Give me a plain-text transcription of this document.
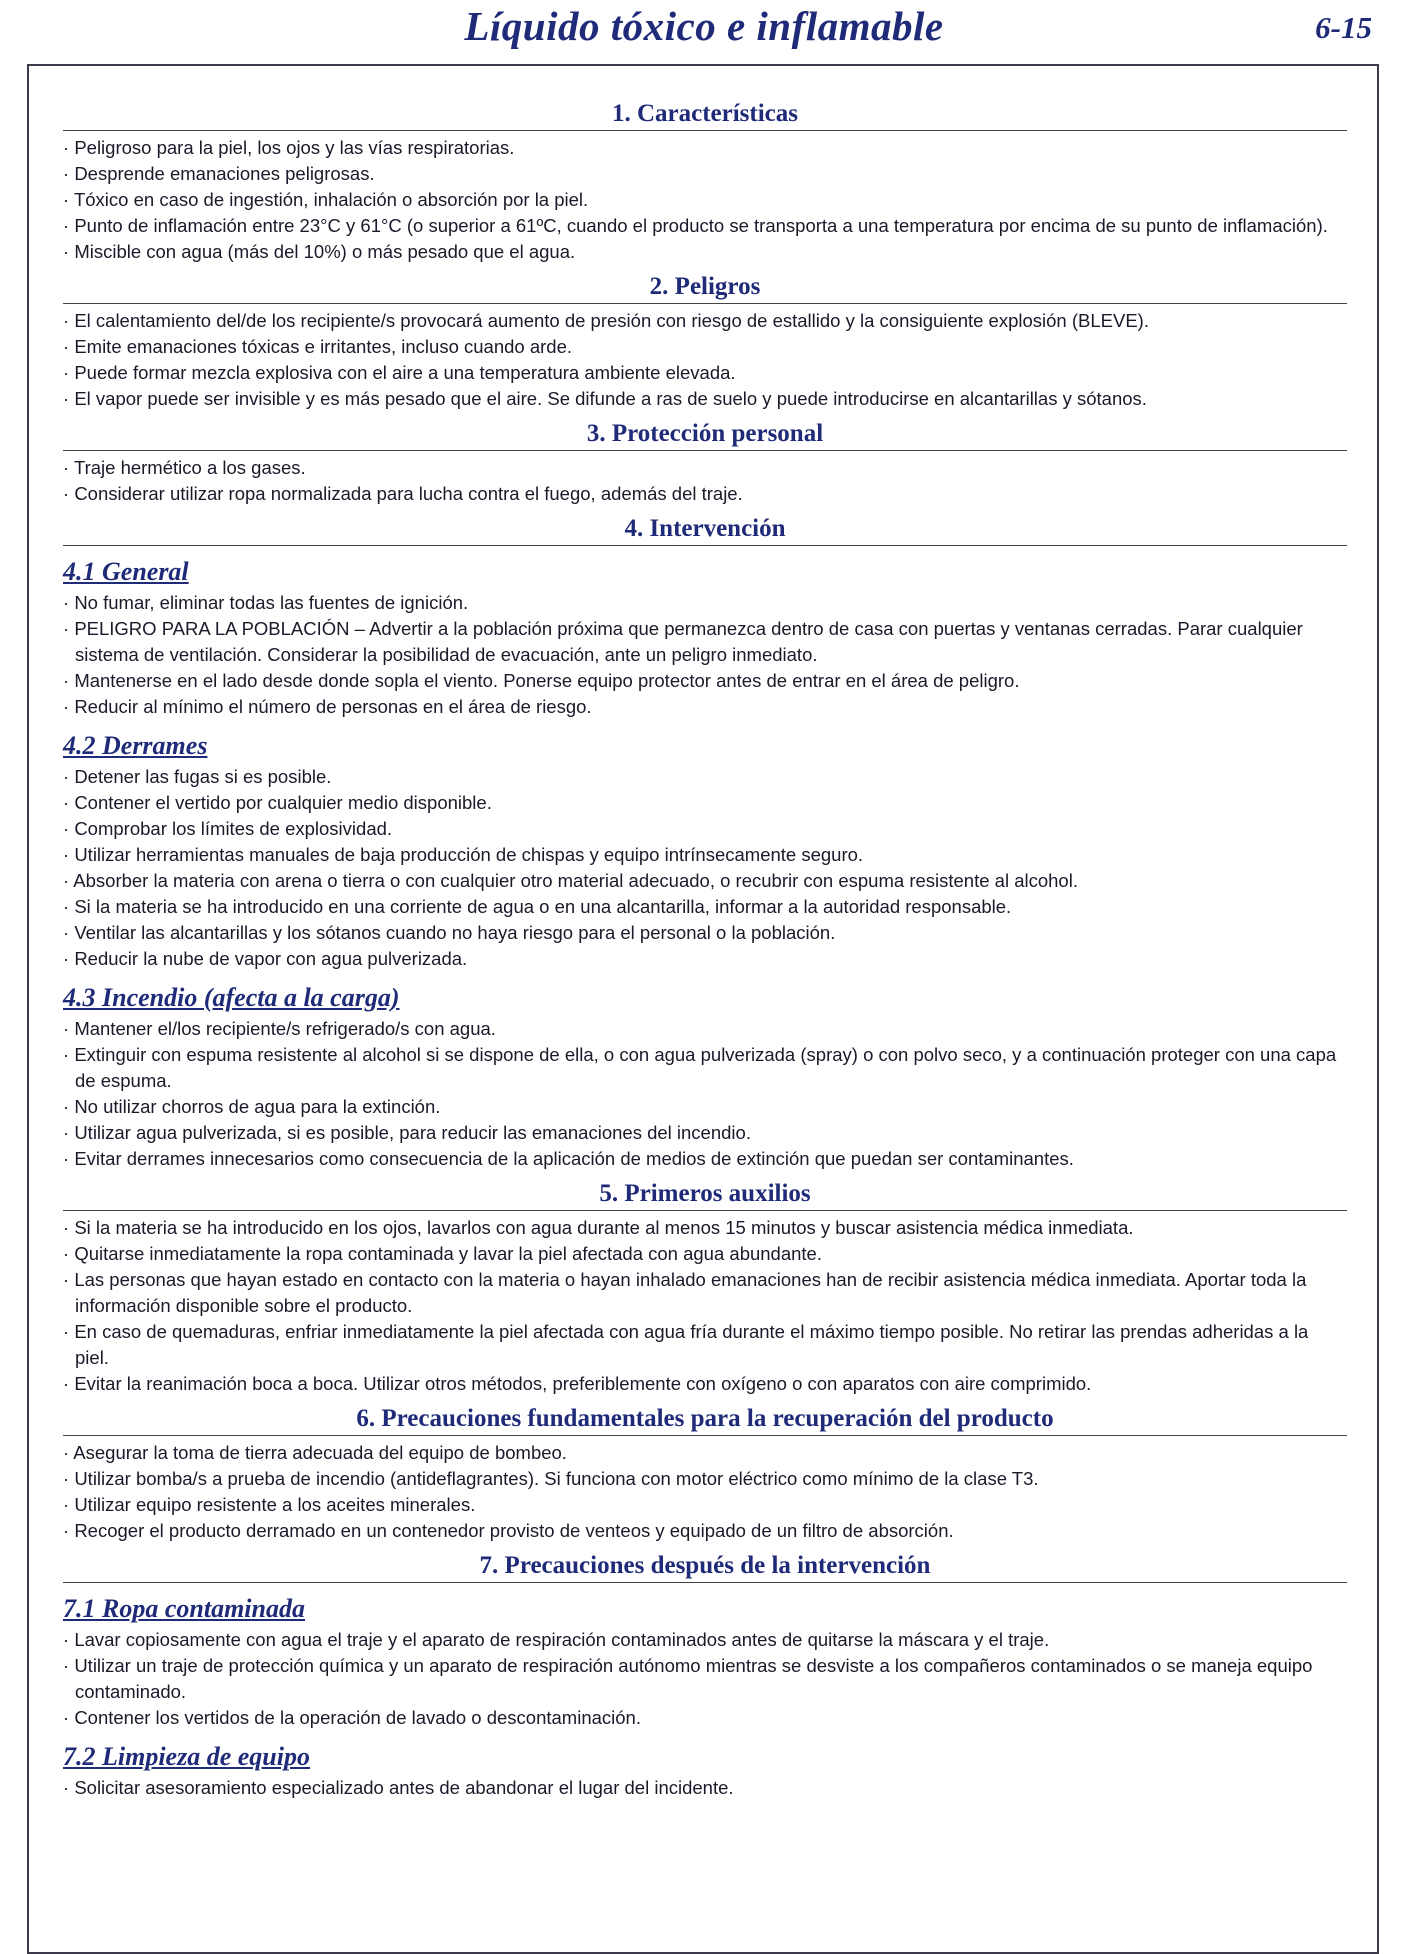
Líquido tóxico e inflamable	6-15
1. Características
· Peligroso para la piel, los ojos y las vías respiratorias.
· Desprende emanaciones peligrosas.
· Tóxico en caso de ingestión, inhalación o absorción por la piel.
· Punto de inflamación entre 23°C y 61°C (o superior a 61ºC, cuando el producto se transporta a una temperatura por encima de su punto de inflamación).
· Miscible con agua (más del 10%) o más pesado que el agua.
2. Peligros
· El calentamiento del/de los recipiente/s provocará aumento de presión con riesgo de estallido y la consiguiente explosión (BLEVE).
· Emite emanaciones tóxicas e irritantes, incluso cuando arde.
· Puede formar mezcla explosiva con el aire a una temperatura ambiente elevada.
· El vapor puede ser invisible y es más pesado que el aire. Se difunde a ras de suelo y puede introducirse en alcantarillas y sótanos.
3. Protección personal
· Traje hermético a los gases.
· Considerar utilizar ropa normalizada para lucha contra el fuego, además del traje.
4. Intervención
4.1 General
· No fumar, eliminar todas las fuentes de ignición.
· PELIGRO PARA LA POBLACIÓN – Advertir a la población próxima que permanezca dentro de casa con puertas y ventanas cerradas. Parar cualquier sistema de ventilación. Considerar la posibilidad de evacuación, ante un peligro inmediato.
· Mantenerse en el lado desde donde sopla el viento. Ponerse equipo protector antes de entrar en el área de peligro.
· Reducir al mínimo el número de personas en el área de riesgo.
4.2 Derrames
· Detener las fugas si es posible.
· Contener el vertido por cualquier medio disponible.
· Comprobar los límites de explosividad.
· Utilizar herramientas manuales de baja producción de chispas y equipo intrínsecamente seguro.
· Absorber la materia con arena o tierra o con cualquier otro material adecuado, o recubrir con espuma resistente al alcohol.
· Si la materia se ha introducido en una corriente de agua o en una alcantarilla, informar a la autoridad responsable.
· Ventilar las alcantarillas y los sótanos cuando no haya riesgo para el personal o la población.
· Reducir la nube de vapor con agua pulverizada.
4.3 Incendio (afecta a la carga)
· Mantener el/los recipiente/s refrigerado/s con agua.
· Extinguir con espuma resistente al alcohol si se dispone de ella, o con agua pulverizada (spray) o con polvo seco, y a continuación proteger con una capa de espuma.
· No utilizar chorros de agua para la extinción.
· Utilizar agua pulverizada, si es posible, para reducir las emanaciones del incendio.
· Evitar derrames innecesarios como consecuencia de la aplicación de medios de extinción que puedan ser contaminantes.
5. Primeros auxilios
· Si la materia se ha introducido en los ojos, lavarlos con agua durante al menos 15 minutos y buscar asistencia médica inmediata.
· Quitarse inmediatamente la ropa contaminada y lavar la piel afectada con agua abundante.
· Las personas que hayan estado en contacto con la materia o hayan inhalado emanaciones han de recibir asistencia médica inmediata. Aportar toda la información disponible sobre el producto.
· En caso de quemaduras, enfriar inmediatamente la piel afectada con agua fría durante el máximo tiempo posible. No retirar las prendas adheridas a la piel.
· Evitar la reanimación boca a boca. Utilizar otros métodos, preferiblemente con oxígeno o con aparatos con aire comprimido.
6. Precauciones fundamentales para la recuperación del producto
· Asegurar la toma de tierra adecuada del equipo de bombeo.
· Utilizar bomba/s a prueba de incendio (antideflagrantes). Si funciona con motor eléctrico como mínimo de la clase T3.
· Utilizar equipo resistente a los aceites minerales.
· Recoger el producto derramado en un contenedor provisto de venteos y equipado de un filtro de absorción.
7. Precauciones después de la intervención
7.1 Ropa contaminada
· Lavar copiosamente con agua el traje y el aparato de respiración contaminados antes de quitarse la máscara y el traje.
· Utilizar un traje de protección química y un aparato de respiración autónomo mientras se desviste a los compañeros contaminados o se maneja equipo contaminado.
· Contener los vertidos de la operación de lavado o descontaminación.
7.2 Limpieza de equipo
· Solicitar asesoramiento especializado antes de abandonar el lugar del incidente.
